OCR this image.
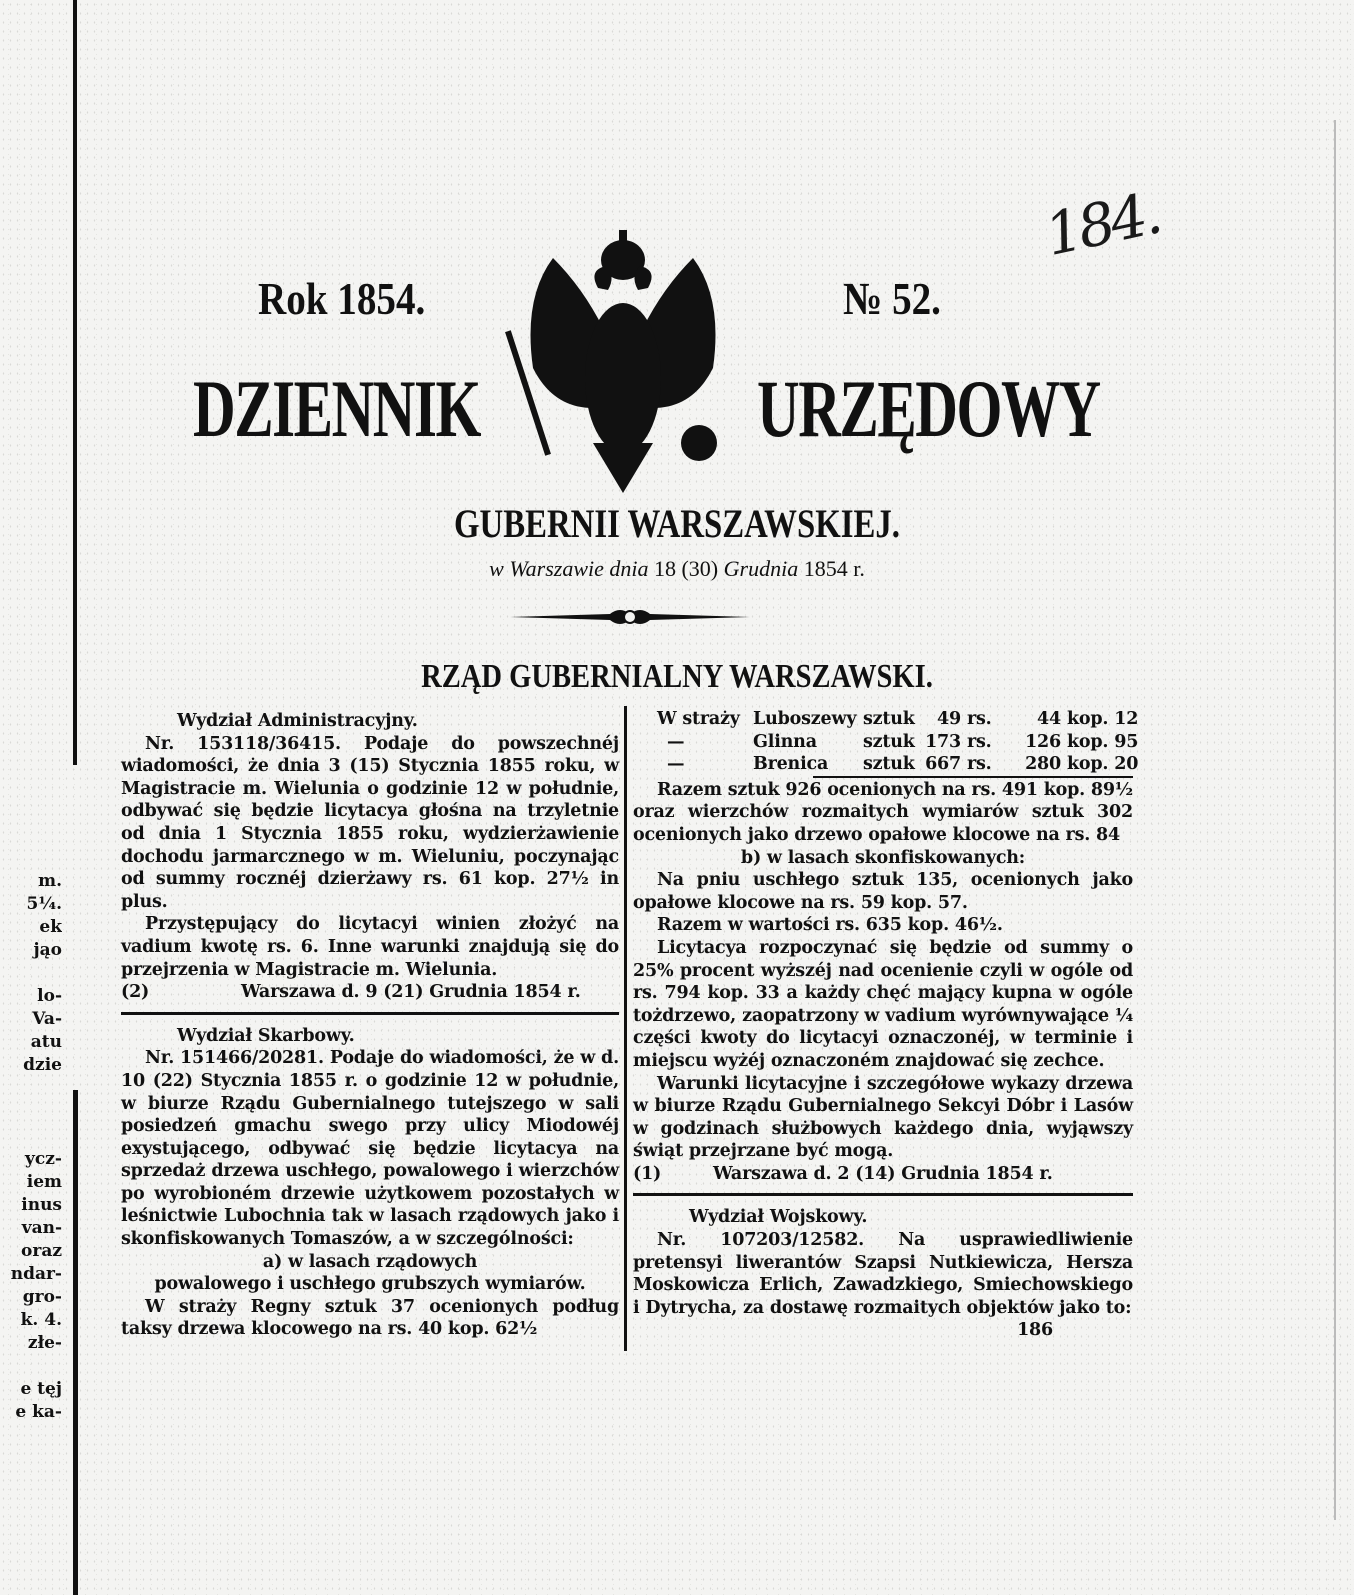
m.
5¼.
ek
jąo

lo-
Va-
atu
dzie
ycz-
iem
inus
van-
oraz
ndar-
gro-
k. 4.
złe-

e tęj
e ka-
184.
Rok 1854.	№ 52.
DZIENNIK	URZĘDOWY
GUBERNII WARSZAWSKIEJ.
w Warszawie dnia 18 (30) Grudnia 1854 r.
RZĄD GUBERNIALNY WARSZAWSKI.
Wydział Administracyjny.
Nr. 153118/36415. Podaje do powszechnéj wiadomości, że dnia 3 (15) Stycznia 1855 roku, w Magistracie m. Wielunia o godzinie 12 w południe, odbywać się będzie licytacya głośna na trzyletnie od dnia 1 Stycznia 1855 roku, wydzierżawienie dochodu jarmarcznego w m. Wieluniu, poczynając od summy rocznéj dzierżawy rs. 61 kop. 27½ in plus.
Przystępujący do licytacyi winien złożyć na vadium kwotę rs. 6. Inne warunki znajdują się do przejrzenia w Magistracie m. Wielunia.
(2)	Warszawa d. 9 (21) Grudnia 1854 r.
Wydział Skarbowy.
Nr. 151466/20281. Podaje do wiadomości, że w d. 10 (22) Stycznia 1855 r. o godzinie 12 w południe, w biurze Rządu Gubernialnego tutejszego w sali posiedzeń gmachu swego przy ulicy Miodowéj exystującego, odbywać się będzie licytacya na sprzedaż drzewa uschłego, powalowego i wierzchów po wyrobioném drzewie użytkowem pozostałych w leśnictwie Lubochnia tak w lasach rządowych jako i skonfiskowanych Tomaszów, a w szczególności:
a) w lasach rządowych
powalowego i uschłego grubszych wymiarów.
W straży Regny sztuk 37 ocenionych podług taksy drzewa klocowego na rs. 40 kop. 62½
W straży Luboszewy sztuk	49 rs.	44 kop. 12
—	Glinna	sztuk 173 rs.	126 kop. 95
—	Brenica	sztuk 667 rs.	280 kop. 20
Razem sztuk 926 ocenionych na rs. 491 kop. 89½
oraz wierzchów rozmaitych wymiarów sztuk 302 ocenionych jako drzewo opałowe klocowe na rs. 84
b) w lasach skonfiskowanych:
Na pniu uschłego sztuk 135, ocenionych jako opałowe klocowe na rs. 59 kop. 57.
Razem w wartości rs. 635 kop. 46½.
Licytacya rozpoczynać się będzie od summy o 25% procent wyższéj nad ocenienie czyli w ogóle od rs. 794 kop. 33 a każdy chęć mający kupna w ogóle tożdrzewo, zaopatrzony w vadium wyrównywające ¼ części kwoty do licytacyi oznaczonéj, w terminie i miejscu wyżéj oznaczoném znajdować się zechce.
Warunki licytacyjne i szczegółowe wykazy drzewa w biurze Rządu Gubernialnego Sekcyi Dóbr i Lasów w godzinach służbowych każdego dnia, wyjąwszy świąt przejrzane być mogą.
(1)	Warszawa d. 2 (14) Grudnia 1854 r.
Wydział Wojskowy.
Nr. 107203/12582. Na usprawiedliwienie pretensyi liwerantów Szapsi Nutkiewicza, Hersza Moskowicza Erlich, Zawadzkiego, Smiechowskiego i Dytrycha, za dostawę rozmaitych objektów jako to:
186
